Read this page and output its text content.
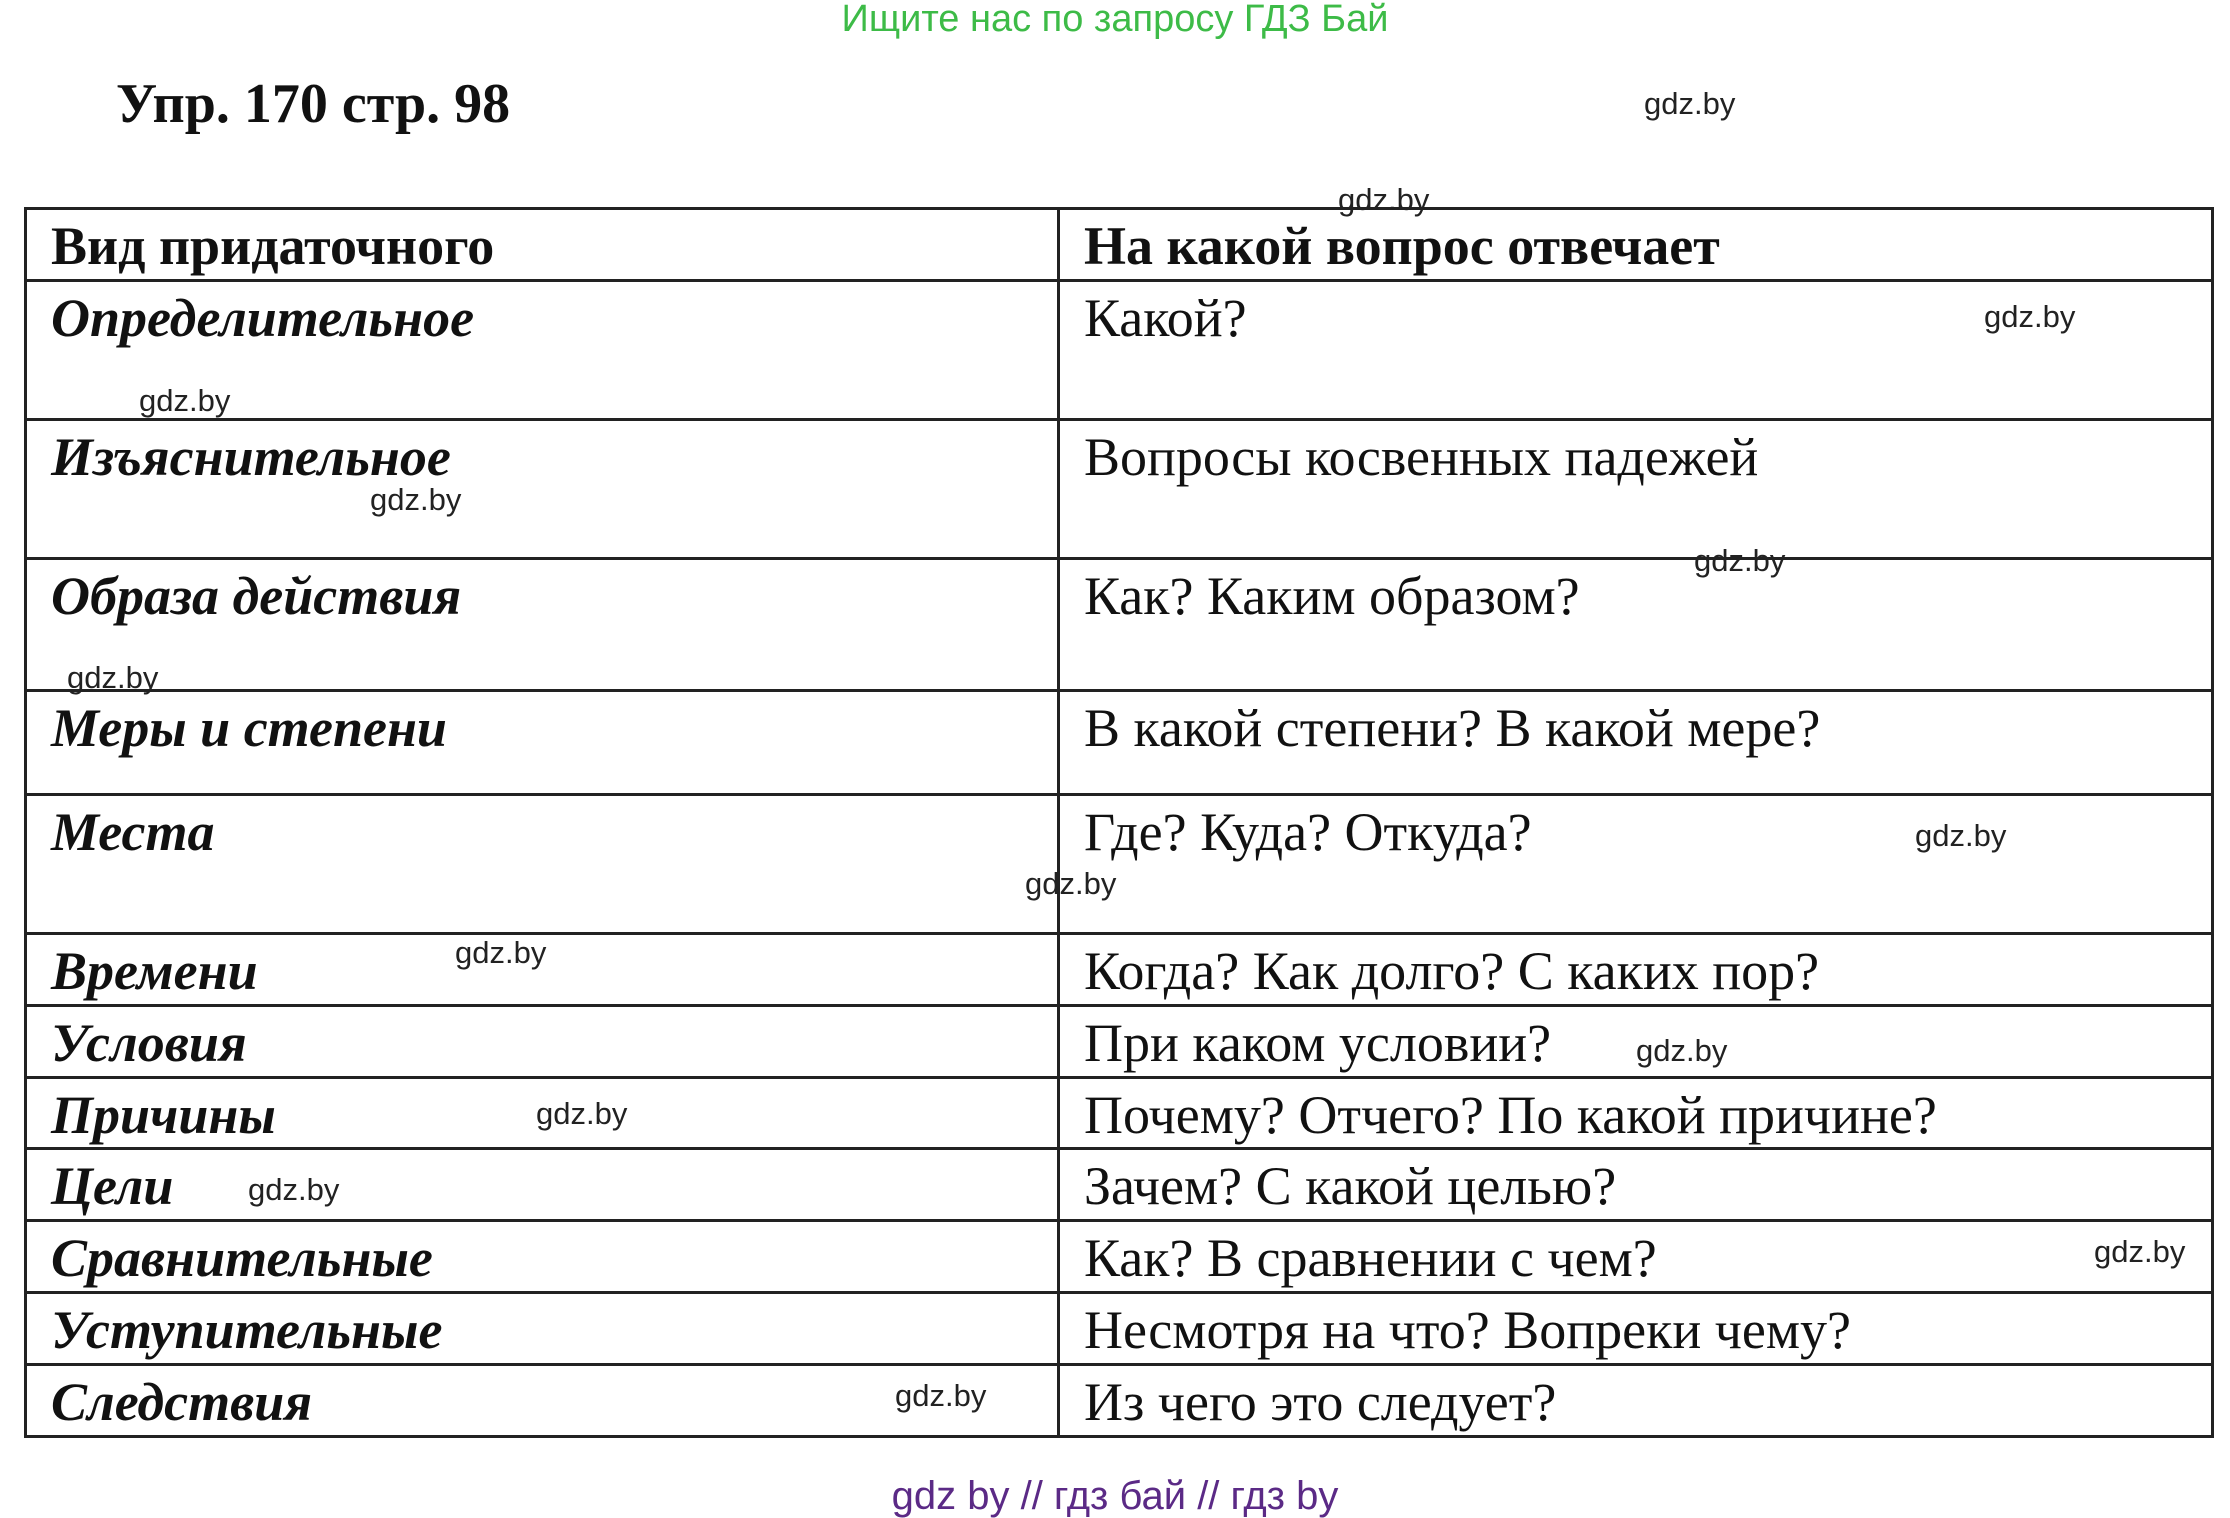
Ищите нас по запросу ГДЗ Бай
Упр. 170 стр. 98
Вид придаточного	На какой вопрос отвечает
Определительное	Какой?
Изъяснительное	Вопросы косвенных падежей
Образа действия	Как? Каким образом?
Меры и степени	В какой степени? В какой мере?
Места	Где? Куда? Откуда?
Времени	Когда? Как долго? С каких пор?
Условия	При каком условии?
Причины	Почему? Отчего? По какой причине?
Цели	Зачем? С какой целью?
Сравнительные	Как? В сравнении с чем?
Уступительные	Несмотря на что? Вопреки чему?
Следствия	Из чего это следует?
gdz.by
gdz.by
gdz.by
gdz.by
gdz.by
gdz.by
gdz.by
gdz.by
gdz.by
gdz.by
gdz.by
gdz.by
gdz.by
gdz.by
gdz.by
gdz by // гдз бай // гдз by
